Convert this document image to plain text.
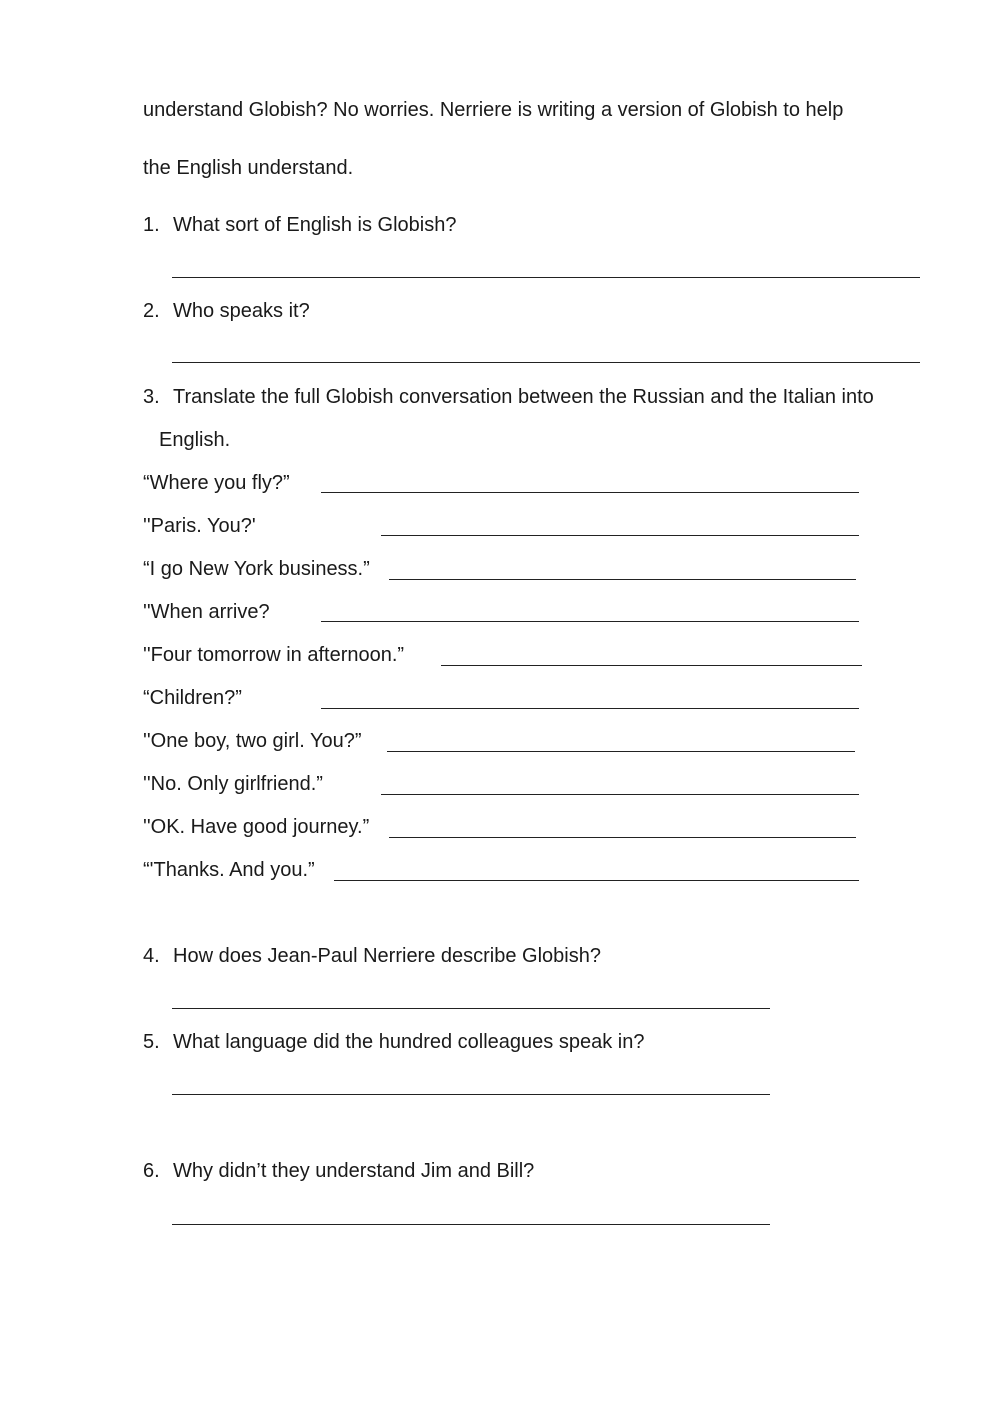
understand Globish? No worries. Nerriere is writing a version of Globish to help
the English understand.
1. What sort of English is Globish?
2. Who speaks it?
3. Translate the full Globish conversation between the Russian and the Italian into
English.
“Where you fly?”
''Paris. You?'
“I go New York business.”
''When arrive?
''Four tomorrow in afternoon.”
“Children?”
''One boy, two girl. You?”
''No. Only girlfriend.”
''OK. Have good journey.”
“'Thanks. And you.”
4. How does Jean-Paul Nerriere describe Globish?
5. What language did the hundred colleagues speak in?
6. Why didn’t they understand Jim and Bill?
